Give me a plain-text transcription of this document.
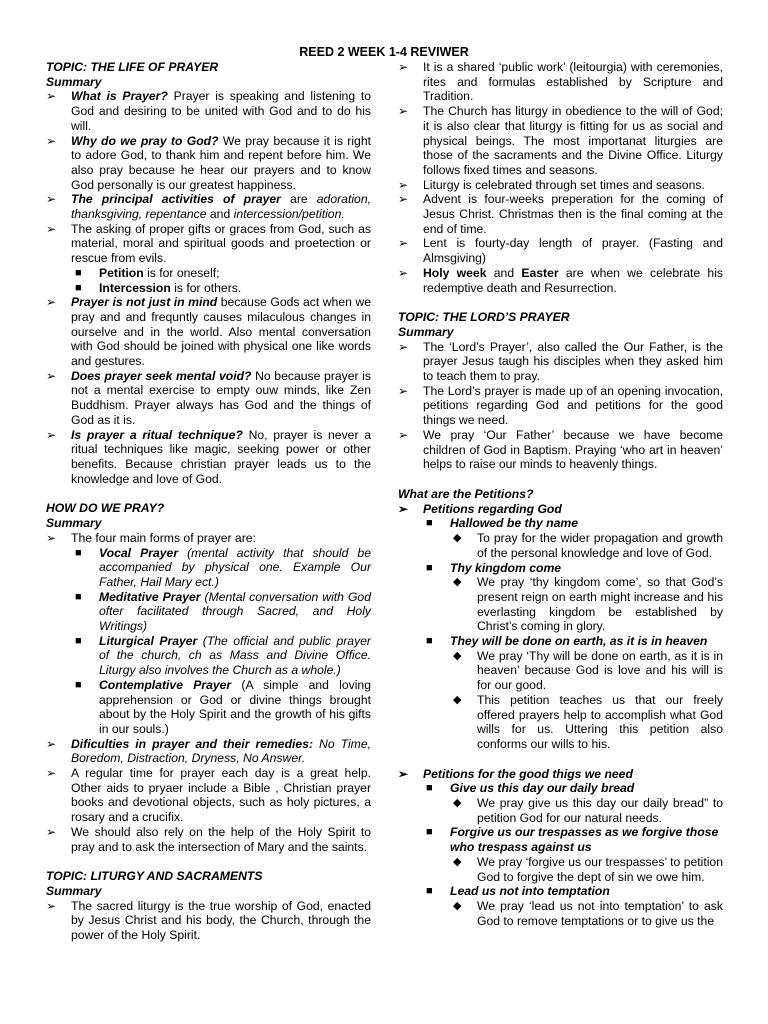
REED 2 WEEK 1-4 REVIWER
TOPIC: THE LIFE OF PRAYER
Summary
➢ What is Prayer? Prayer is speaking and listening to God and desiring to be united with God and to do his will.
➢ Why do we pray to God? We pray because it is right to adore God, to thank him and repent before him. We also pray because he hear our prayers and to know God personally is our greatest happiness.
➢ The principal activities of prayer are adoration, thanksgiving, repentance and intercession/petition.
➢ The asking of proper gifts or graces from God, such as material, moral and spiritual goods and proetection or rescue from evils.
■ Petition is for oneself;
■ Intercession is for others.
➢ Prayer is not just in mind because Gods act when we pray and and frequntly causes milaculous changes in ourselve and in the world. Also mental conversation with God should be joined with physical one like words and gestures.
➢ Does prayer seek mental void? No because prayer is not a mental exercise to empty ouw minds, like Zen Buddhism. Prayer always has God and the things of God as it is.
➢ Is prayer a ritual technique? No, prayer is never a ritual techniques like magic, seeking power or other benefits. Because christian prayer leads us to the knowledge and love of God.
HOW DO WE PRAY?
Summary
➢ The four main forms of prayer are:
■ Vocal Prayer (mental activity that should be accompanied by physical one. Example Our Father, Hail Mary ect.)
■ Meditative Prayer (Mental conversation with God ofter facilitated through Sacred, and Holy Writings)
■ Liturgical Prayer (The official and public prayer of the church, ch as Mass and Divine Office. Liturgy also involves the Church as a whole.)
■ Contemplative Prayer (A simple and loving apprehension or God or divine things brought about by the Holy Spirit and the growth of his gifts in our souls.)
➢ Dificulties in prayer and their remedies: No Time, Boredom, Distraction, Dryness, No Answer.
➢ A regular time for prayer each day is a great help. Other aids to pryaer include a Bible , Christian prayer books and devotional objects, such as holy pictures, a rosary and a crucifix.
➢ We should also rely on the help of the Holy Spirit to pray and to ask the intersection of Mary and the saints.
TOPIC: LITURGY AND SACRAMENTS
Summary
➢ The sacred liturgy is the true worship of God, enacted by Jesus Christ and his body, the Church, through the power of the Holy Spirit.
➢ It is a shared ‘public work’ (leitourgia) with ceremonies, rites and formulas established by Scripture and Tradition.
➢ The Church has liturgy in obedience to the will of God; it is also clear that liturgy is fitting for us as social and physical beings. The most importanat liturgies are those of the sacraments and the Divine Office. Liturgy follows fixed times and seasons.
➢ Liturgy is celebrated through set times and seasons.
➢ Advent is four-weeks preperation for the coming of Jesus Christ. Christmas then is the final coming at the end of time.
➢ Lent is fourty-day length of prayer. (Fasting and Almsgiving)
➢ Holy week and Easter are when we celebrate his redemptive death and Resurrection.
TOPIC: THE LORD’S PRAYER
Summary
➢ The ‘Lord’s Prayer’, also called the Our Father, is the prayer Jesus taugh his disciples when they asked him to teach them to pray.
➢ The Lord’s prayer is made up of an opening invocation, petitions regarding God and petitions for the good things we need.
➢ We pray ‘Our Father’ because we have become children of God in Baptism. Praying ‘who art in heaven’ helps to raise our minds to heavenly things.
What are the Petitions?
➢ Petitions regarding God
■ Hallowed be thy name
◆ To pray for the wider propagation and growth of the personal knowledge and love of God.
■ Thy kingdom come
◆ We pray ‘thy kingdom come’, so that God’s present reign on earth might increase and his everlasting kingdom be established by Christ’s coming in glory.
■ They will be done on earth, as it is in heaven
◆ We pray ‘Thy will be done on earth, as it is in heaven’ because God is love and his will is for our good.
◆ This petition teaches us that our freely offered prayers help to accomplish what God wills for us. Uttering this petition also conforms our wills to his.
➢ Petitions for the good thigs we need
■ Give us this day our daily bread
◆ We pray give us this day our daily bread” to petition God for our natural needs.
■ Forgive us our trespasses as we forgive those who trespass against us
◆ We pray ‘forgive us our trespasses’ to petition God to forgive the dept of sin we owe him.
■ Lead us not into temptation
◆ We pray ‘lead us not into temptation’ to ask God to remove temptations or to give us the
